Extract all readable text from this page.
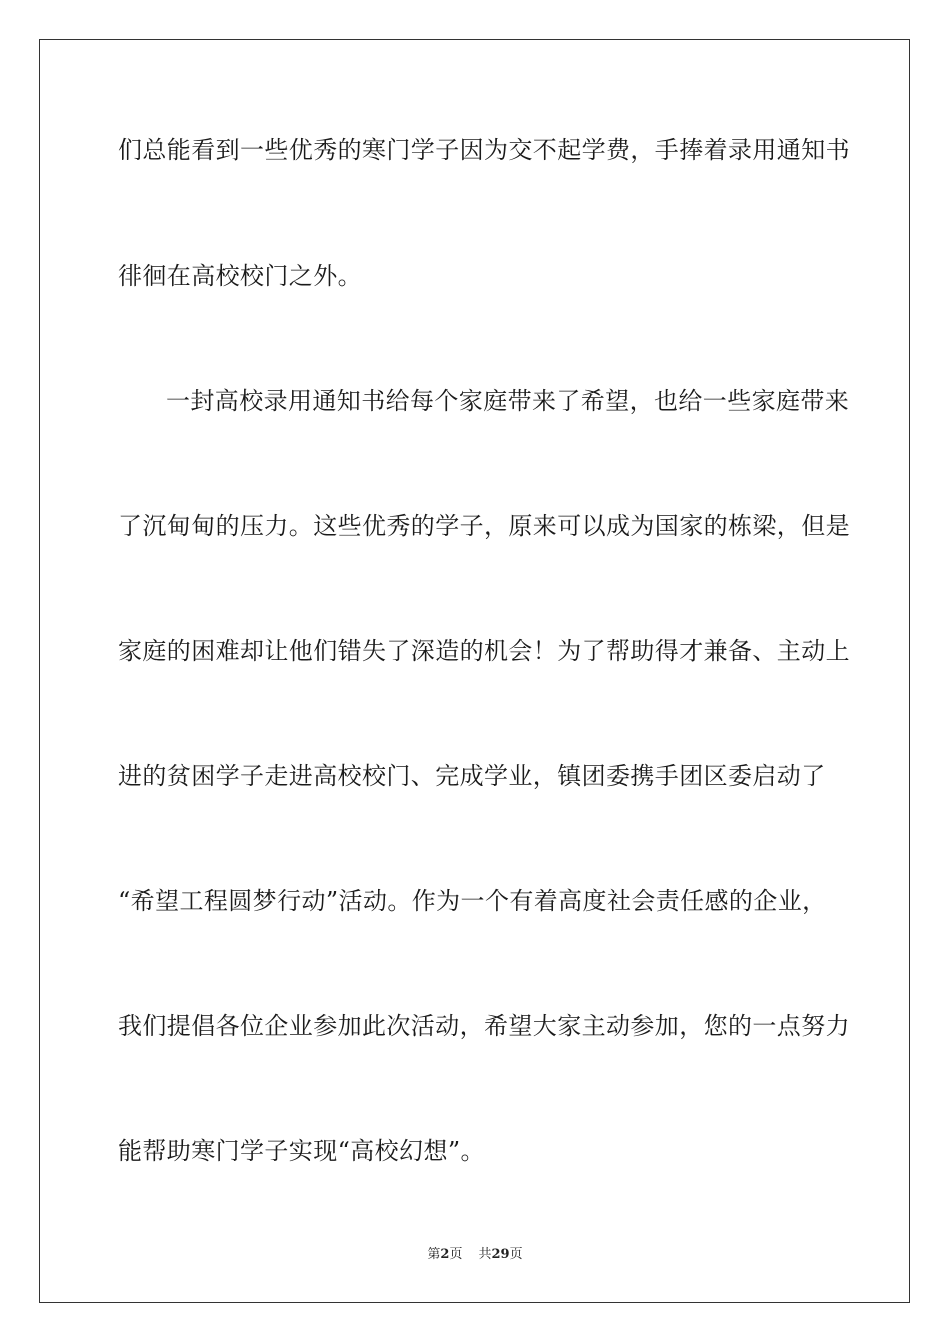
们总能看到一些优秀的寒门学子因为交不起学费，手捧着录用通知书
徘徊在高校校门之外。
一封高校录用通知书给每个家庭带来了希望，也给一些家庭带来
了沉甸甸的压力。这些优秀的学子，原来可以成为国家的栋梁，但是
家庭的困难却让他们错失了深造的机会！为了帮助得才兼备、主动上
进的贫困学子走进高校校门、完成学业，镇团委携手团区委启动了
“希望工程圆梦行动”活动。作为一个有着高度社会责任感的企业，
我们提倡各位企业参加此次活动，希望大家主动参加，您的一点努力
能帮助寒门学子实现“高校幻想”。
第2页 共29页
